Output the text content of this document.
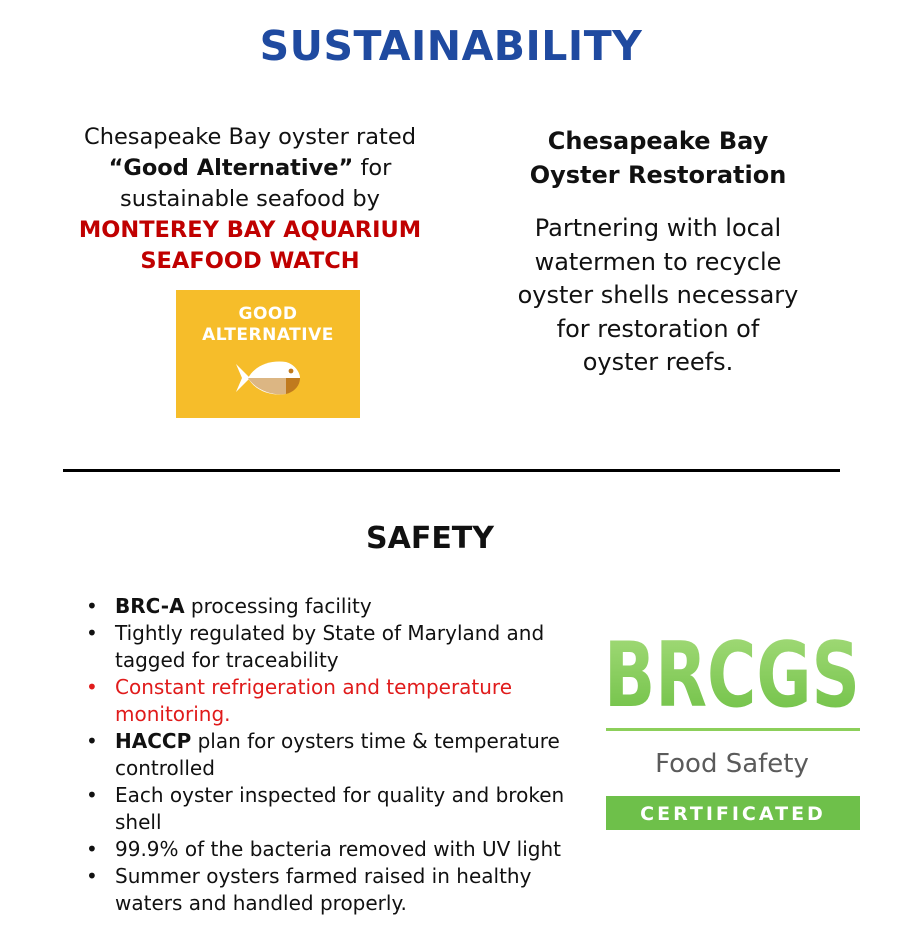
SUSTAINABILITY
Chesapeake Bay oyster rated
“Good Alternative” for
sustainable seafood by
MONTEREY BAY AQUARIUM
SEAFOOD WATCH
GOOD
ALTERNATIVE
Chesapeake Bay
Oyster Restoration
Partnering with local
watermen to recycle
oyster shells necessary
for restoration of
oyster reefs.
SAFETY
• BRC-A processing facility
• Tightly regulated by State of Maryland and tagged for traceability
• Constant refrigeration and temperature monitoring.
• HACCP plan for oysters time & temperature controlled
• Each oyster inspected for quality and broken shell
• 99.9% of the bacteria removed with UV light
• Summer oysters farmed raised in healthy waters and handled properly.
BRCGS
Food Safety
CERTIFICATED
